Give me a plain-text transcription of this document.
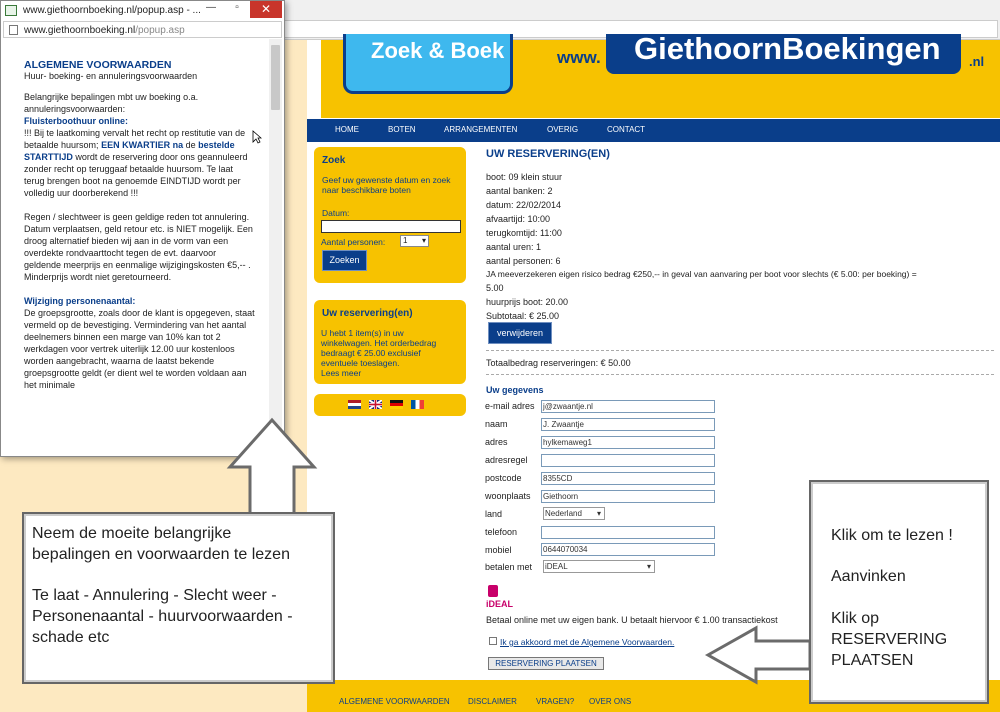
Zoek & Boek	www. GiethoornBoekingen .nl
HOME	BOTEN	ARRANGEMENTEN	OVERIG	CONTACT
Zoek
Geef uw gewenste datum en zoek naar beschikbare boten
Datum:
Aantal personen:	1 ▾
Zoeken
Uw reservering(en)
U hebt 1 item(s) in uw winkelwagen. Het orderbedrag bedraagt € 25.00 exclusief eventuele toeslagen.
Lees meer
UW RESERVERING(EN)
boot: 09 klein stuur
aantal banken: 2
datum: 22/02/2014
afvaartijd: 10:00
terugkomtijd: 11:00
aantal uren: 1
aantal personen: 6
JA meeverzekeren eigen risico bedrag €250,-- in geval van aanvaring per boot voor slechts (€ 5.00: per boeking) =
5.00
huurprijs boot: 20.00
Subtotaal: € 25.00
verwijderen
Totaalbedrag reserveringen: € 50.00
Uw gegevens
e-mail adres j@zwaantje.nl
naam	J. Zwaantje
adres	hylkemaweg1
adresregel
postcode	8355CD
woonplaats Giethoorn
land	Nederland ▾
telefoon
mobiel	0644070034
betalen met iDEAL	▾
iDEAL
Betaal online met uw eigen bank. U betaalt hiervoor € 1.00 transactiekost
Ik ga akkoord met de Algemene Voorwaarden.
RESERVERING PLAATSEN
ALGEMENE VOORWAARDEN DISCLAIMER VRAGEN? OVER ONS
www.giethoornboeking.nl/popup.asp - ... —	▫	✕
www.giethoornboeking.nl/popup.asp
ALGEMENE VOORWAARDEN
Huur- boeking- en annuleringsvoorwaarden

Belangrijke bepalingen mbt uw boeking o.a. annuleringsvoorwaarden:
Fluisterboothuur online:
!!! Bij te laatkoming vervalt het recht op restitutie van de betaalde huursom; EEN KWARTIER na de bestelde STARTTIJD wordt de reservering door ons geannuleerd zonder recht op teruggaaf betaalde huursom. Te laat terug brengen boot na genoemde EINDTIJD wordt per volledig uur doorberekend !!!

Regen / slechtweer is geen geldige reden tot annulering. Datum verplaatsen, geld retour etc. is NIET mogelijk. Een droog alternatief bieden wij aan in de vorm van een overdekte rondvaarttocht tegen de evt. daarvoor geldende meerprijs en eenmalige wijzigingskosten €5,-- . Minderprijs wordt niet geretourneerd.

Wijziging personenaantal:
De groepsgrootte, zoals door de klant is opgegeven, staat vermeld op de bevestiging. Vermindering van het aantal deelnemers binnen een marge van 10% kan tot 2 werkdagen voor vertrek uiterlijk 12.00 uur kostenloos worden aangebracht, waarna de laatst bekende groepsgrootte geldt (er dient wel te worden voldaan aan het minimale

Neem de moeite belangrijke
bepalingen en voorwaarden te lezen
Te laat - Annulering - Slecht weer -
Personenaantal - huurvoorwaarden -
schade etc
Klik om te lezen !
Aanvinken
Klik op
RESERVERING
PLAATSEN
